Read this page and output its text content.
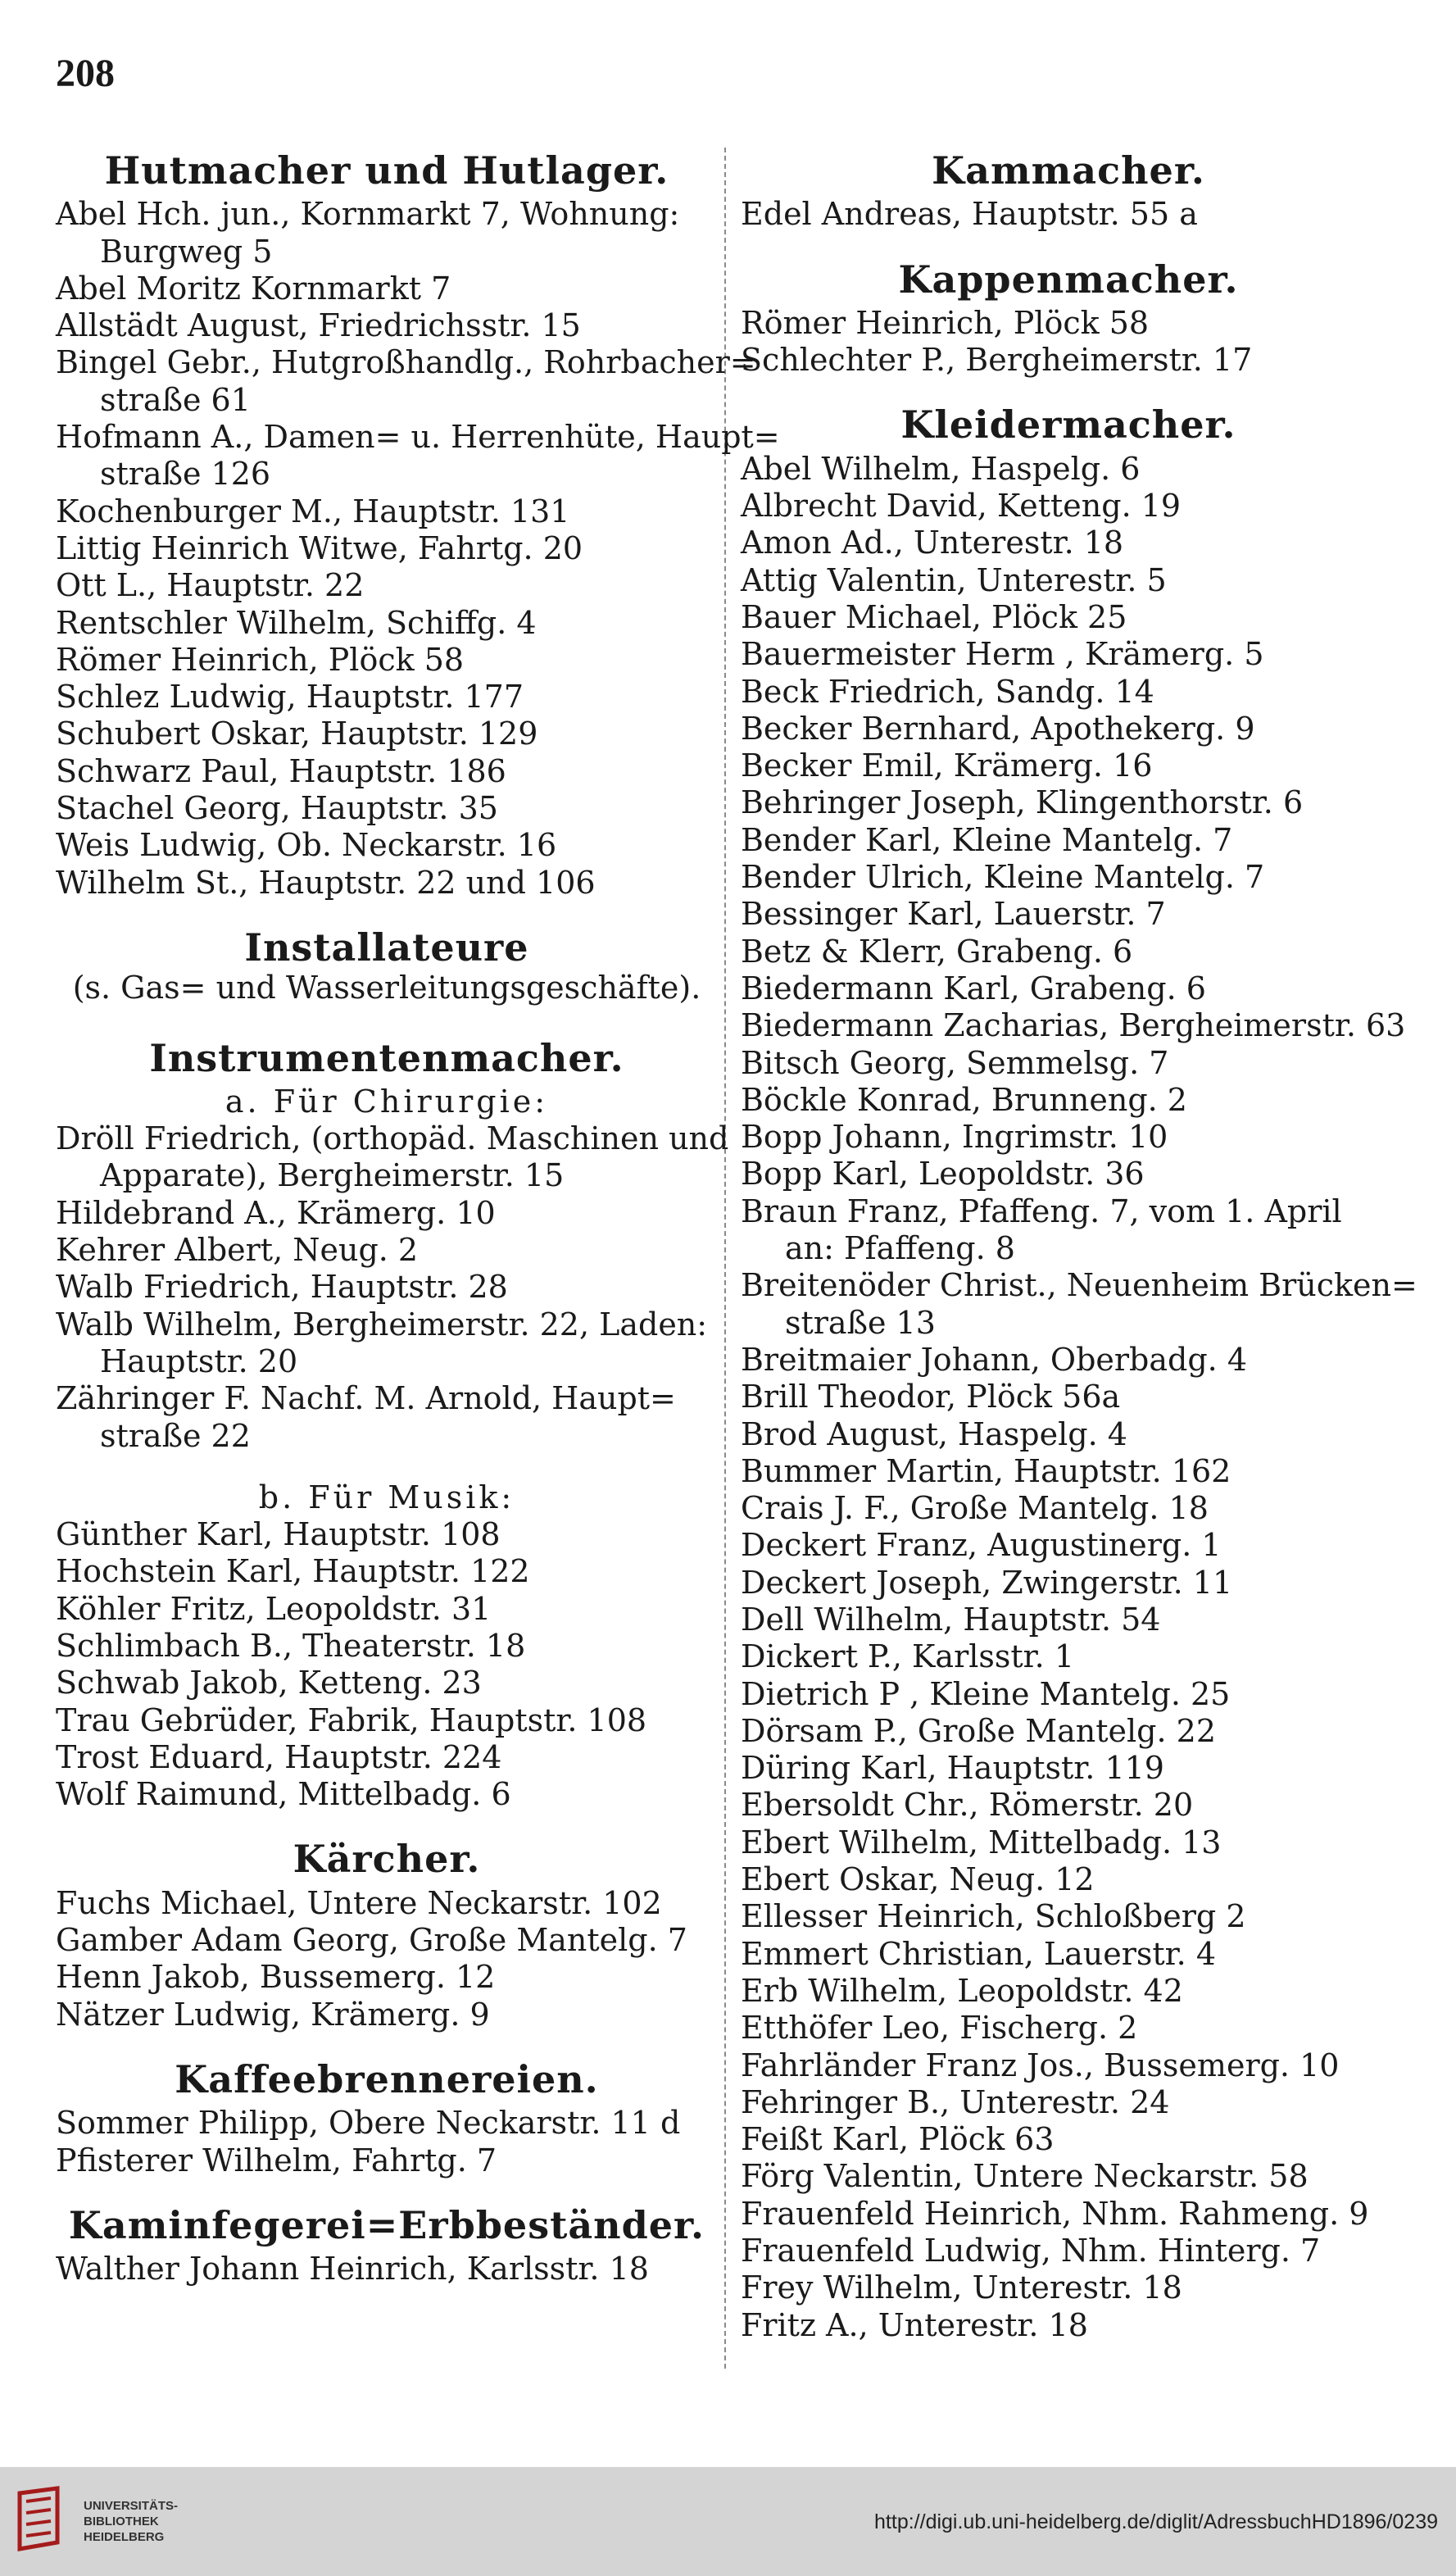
208
Hutmacher und Hutlager.
Abel Hch. jun., Kornmarkt 7, Wohnung:
Burgweg 5
Abel Moritz Kornmarkt 7
Allstädt August, Friedrichsstr. 15
Bingel Gebr., Hutgroßhandlg., Rohrbacher=
straße 61
Hofmann A., Damen= u. Herrenhüte, Haupt=
straße 126
Kochenburger M., Hauptstr. 131
Littig Heinrich Witwe, Fahrtg. 20
Ott L., Hauptstr. 22
Rentschler Wilhelm, Schiffg. 4
Römer Heinrich, Plöck 58
Schlez Ludwig, Hauptstr. 177
Schubert Oskar, Hauptstr. 129
Schwarz Paul, Hauptstr. 186
Stachel Georg, Hauptstr. 35
Weis Ludwig, Ob. Neckarstr. 16
Wilhelm St., Hauptstr. 22 und 106
Installateure
(s. Gas= und Wasserleitungsgeschäfte).
Instrumentenmacher.
a. Für Chirurgie:
Dröll Friedrich, (orthopäd. Maschinen und
Apparate), Bergheimerstr. 15
Hildebrand A., Krämerg. 10
Kehrer Albert, Neug. 2
Walb Friedrich, Hauptstr. 28
Walb Wilhelm, Bergheimerstr. 22, Laden:
Hauptstr. 20
Zähringer F. Nachf. M. Arnold, Haupt=
straße 22
b. Für Musik:
Günther Karl, Hauptstr. 108
Hochstein Karl, Hauptstr. 122
Köhler Fritz, Leopoldstr. 31
Schlimbach B., Theaterstr. 18
Schwab Jakob, Ketteng. 23
Trau Gebrüder, Fabrik, Hauptstr. 108
Trost Eduard, Hauptstr. 224
Wolf Raimund, Mittelbadg. 6
Kärcher.
Fuchs Michael, Untere Neckarstr. 102
Gamber Adam Georg, Große Mantelg. 7
Henn Jakob, Bussemerg. 12
Nätzer Ludwig, Krämerg. 9
Kaffeebrennereien.
Sommer Philipp, Obere Neckarstr. 11 d
Pfisterer Wilhelm, Fahrtg. 7
Kaminfegerei=Erbbeständer.
Walther Johann Heinrich, Karlsstr. 18
Kammacher.
Edel Andreas, Hauptstr. 55 a
Kappenmacher.
Römer Heinrich, Plöck 58
Schlechter P., Bergheimerstr. 17
Kleidermacher.
Abel Wilhelm, Haspelg. 6
Albrecht David, Ketteng. 19
Amon Ad., Unterestr. 18
Attig Valentin, Unterestr. 5
Bauer Michael, Plöck 25
Bauermeister Herm , Krämerg. 5
Beck Friedrich, Sandg. 14
Becker Bernhard, Apothekerg. 9
Becker Emil, Krämerg. 16
Behringer Joseph, Klingenthorstr. 6
Bender Karl, Kleine Mantelg. 7
Bender Ulrich, Kleine Mantelg. 7
Bessinger Karl, Lauerstr. 7
Betz & Klerr, Grabeng. 6
Biedermann Karl, Grabeng. 6
Biedermann Zacharias, Bergheimerstr. 63
Bitsch Georg, Semmelsg. 7
Böckle Konrad, Brunneng. 2
Bopp Johann, Ingrimstr. 10
Bopp Karl, Leopoldstr. 36
Braun Franz, Pfaffeng. 7, vom 1. April
an: Pfaffeng. 8
Breitenöder Christ., Neuenheim Brücken=
straße 13
Breitmaier Johann, Oberbadg. 4
Brill Theodor, Plöck 56a
Brod August, Haspelg. 4
Bummer Martin, Hauptstr. 162
Crais J. F., Große Mantelg. 18
Deckert Franz, Augustinerg. 1
Deckert Joseph, Zwingerstr. 11
Dell Wilhelm, Hauptstr. 54
Dickert P., Karlsstr. 1
Dietrich P , Kleine Mantelg. 25
Dörsam P., Große Mantelg. 22
Düring Karl, Hauptstr. 119
Ebersoldt Chr., Römerstr. 20
Ebert Wilhelm, Mittelbadg. 13
Ebert Oskar, Neug. 12
Ellesser Heinrich, Schloßberg 2
Emmert Christian, Lauerstr. 4
Erb Wilhelm, Leopoldstr. 42
Etthöfer Leo, Fischerg. 2
Fahrländer Franz Jos., Bussemerg. 10
Fehringer B., Unterestr. 24
Feißt Karl, Plöck 63
Förg Valentin, Untere Neckarstr. 58
Frauenfeld Heinrich, Nhm. Rahmeng. 9
Frauenfeld Ludwig, Nhm. Hinterg. 7
Frey Wilhelm, Unterestr. 18
Fritz A., Unterestr. 18
UNIVERSITÄTS-
BIBLIOTHEK
HEIDELBERG
http://digi.ub.uni-heidelberg.de/diglit/AdressbuchHD1896/0239
